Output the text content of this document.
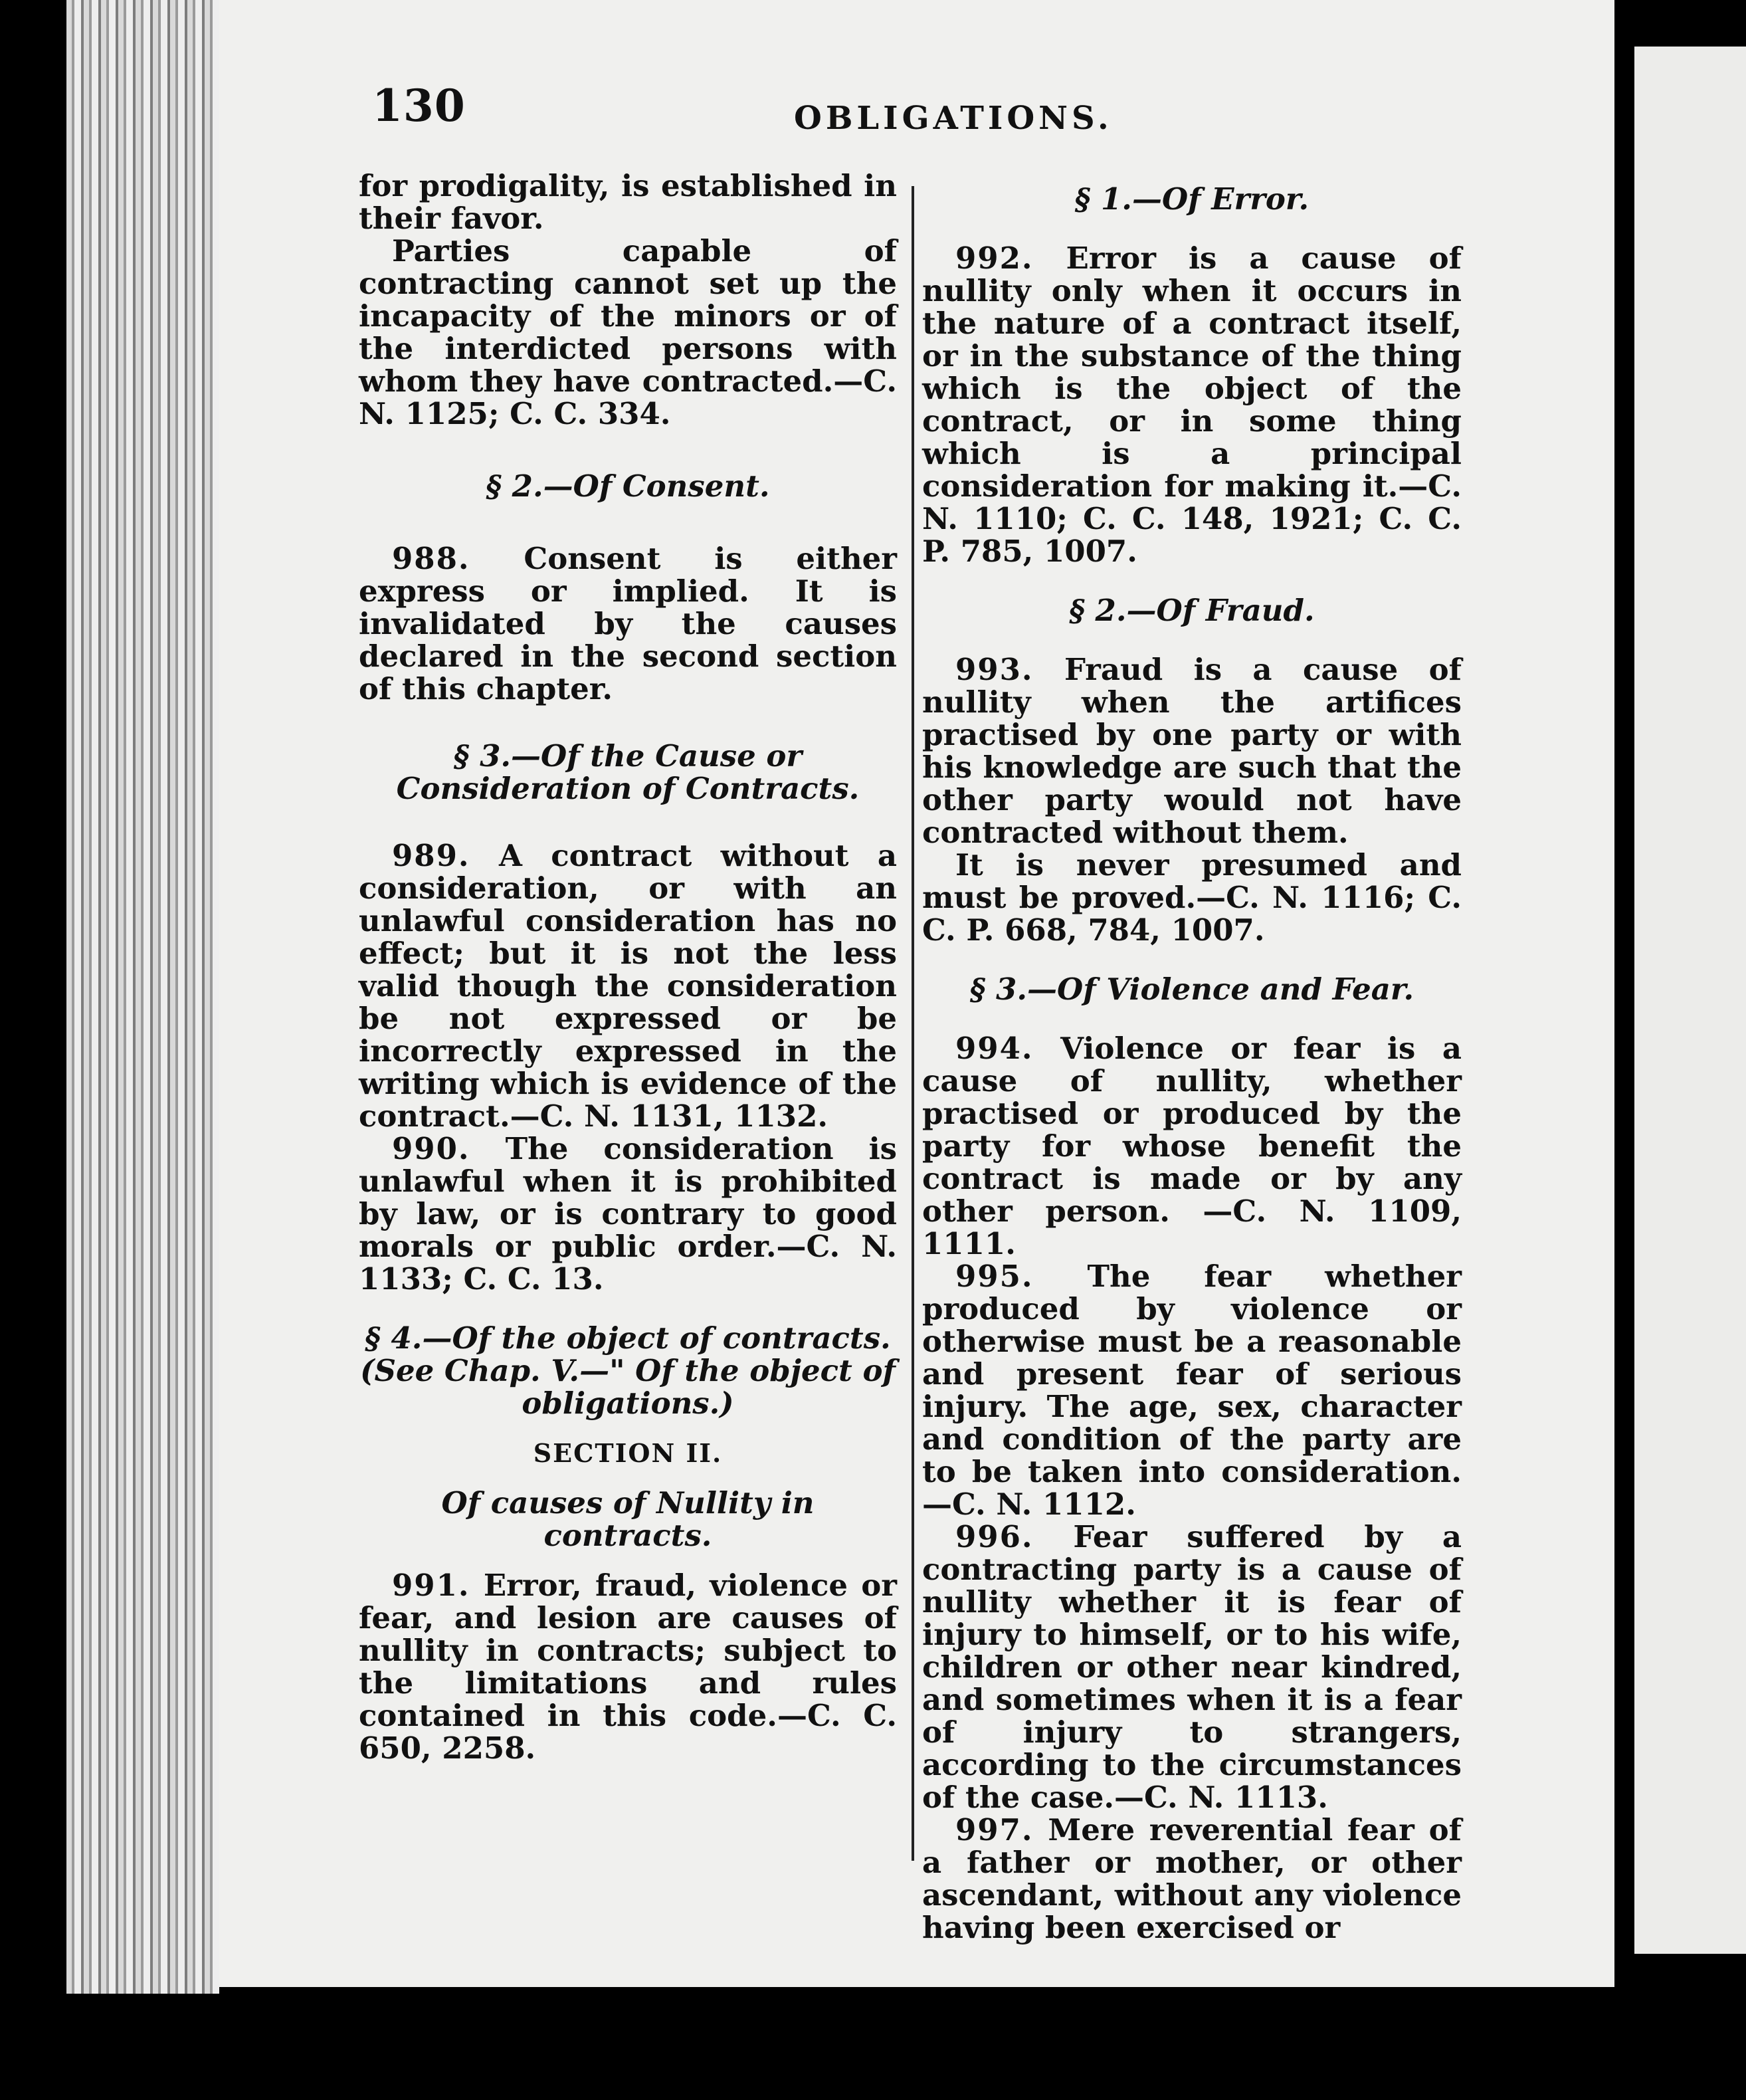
130	OBLIGATIONS.

for prodigality, is established in their favor.

Parties capable of contracting cannot set up the incapacity of the minors or of the interdicted persons with whom they have contracted.—C. N. 1125; C. C. 334.

§ 2.—Of Consent.

988. Consent is either express or implied. It is invalidated by the causes declared in the second section of this chapter.

§ 3.—Of the Cause or Consideration of Contracts.

989. A contract without a consideration, or with an unlawful consideration has no effect; but it is not the less valid though the consideration be not expressed or be incorrectly expressed in the writing which is evidence of the contract.—C. N. 1131, 1132.

990. The consideration is unlawful when it is prohibited by law, or is contrary to good morals or public order.—C. N. 1133; C. C. 13.

§ 4.—Of the object of contracts.

(See Chap. V.—" Of the object of obligations.)

SECTION II.

Of causes of Nullity in contracts.

991. Error, fraud, violence or fear, and lesion are causes of nullity in contracts; subject to the limitations and rules contained in this code.—C. C. 650, 2258.

§ 1.—Of Error.

992. Error is a cause of nullity only when it occurs in the nature of a contract itself, or in the substance of the thing which is the object of the contract, or in some thing which is a principal consideration for making it.—C. N. 1110; C. C. 148, 1921; C. C. P. 785, 1007.

§ 2.—Of Fraud.

993. Fraud is a cause of nullity when the artifices practised by one party or with his knowledge are such that the other party would not have contracted without them.

It is never presumed and must be proved.—C. N. 1116; C. C. P. 668, 784, 1007.

§ 3.—Of Violence and Fear.

994. Violence or fear is a cause of nullity, whether practised or produced by the party for whose benefit the contract is made or by any other person. —C. N. 1109, 1111.

995. The fear whether produced by violence or otherwise must be a reasonable and present fear of serious injury. The age, sex, character and condition of the party are to be taken into consideration.—C. N. 1112.

996. Fear suffered by a contracting party is a cause of nullity whether it is fear of injury to himself, or to his wife, children or other near kindred, and sometimes when it is a fear of injury to strangers, according to the circumstances of the case.—C. N. 1113.

997. Mere reverential fear of a father or mother, or other ascendant, without any violence having been exercised or
